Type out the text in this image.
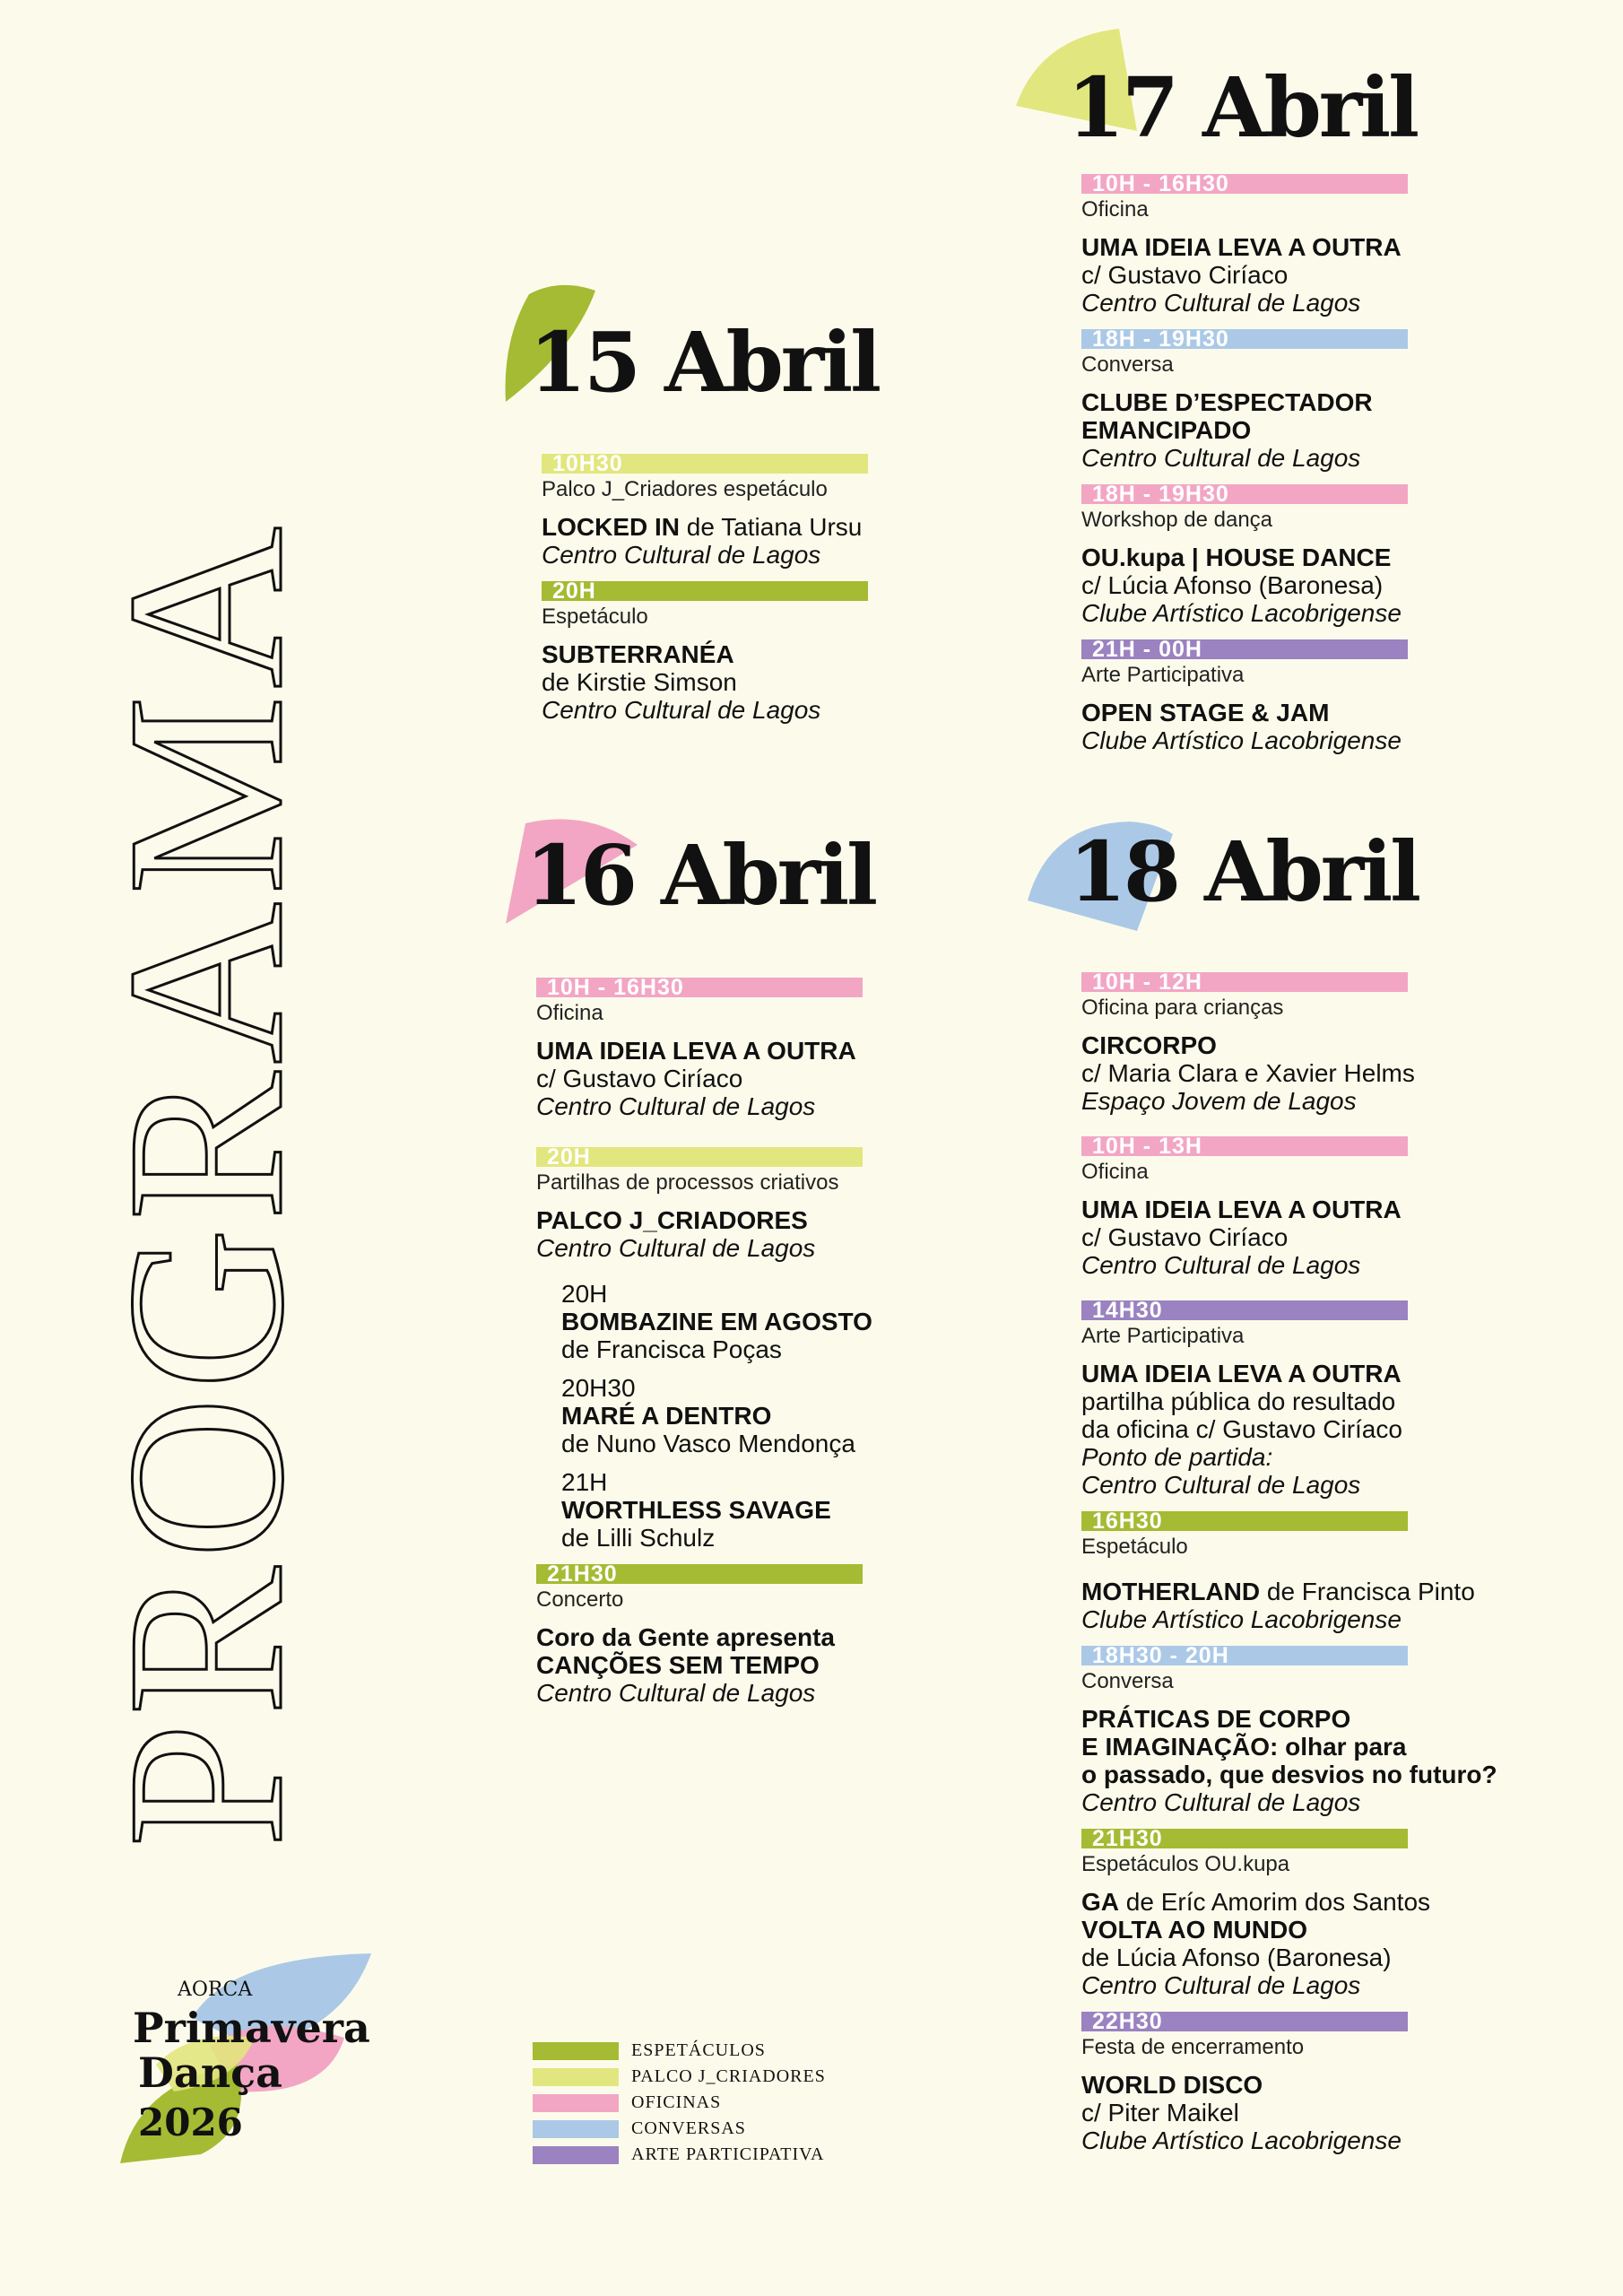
PROGRAMA
15 Abril
10H30
Palco J_Criadores espetáculo
LOCKED IN de Tatiana Ursu
Centro Cultural de Lagos
20H
Espetáculo
SUBTERRANÉA
de Kirstie Simson
Centro Cultural de Lagos
16 Abril
10H - 16H30
Oficina
UMA IDEIA LEVA A OUTRA
c/ Gustavo Ciríaco
Centro Cultural de Lagos
20H
Partilhas de processos criativos
PALCO J_CRIADORES
Centro Cultural de Lagos
20H
BOMBAZINE EM AGOSTO
de Francisca Poças
20H30
MARÉ A DENTRO
de Nuno Vasco Mendonça
21H
WORTHLESS SAVAGE
de Lilli Schulz
21H30
Concerto
Coro da Gente apresenta
CANÇÕES SEM TEMPO
Centro Cultural de Lagos
17 Abril
10H - 16H30
Oficina
UMA IDEIA LEVA A OUTRA
c/ Gustavo Ciríaco
Centro Cultural de Lagos
18H - 19H30
Conversa
CLUBE D’ESPECTADOR
EMANCIPADO
Centro Cultural de Lagos
18H - 19H30
Workshop de dança
OU.kupa | HOUSE DANCE
c/ Lúcia Afonso (Baronesa)
Clube Artístico Lacobrigense
21H - 00H
Arte Participativa
OPEN STAGE & JAM
Clube Artístico Lacobrigense
18 Abril
10H - 12H
Oficina para crianças
CIRCORPO
c/ Maria Clara e Xavier Helms
Espaço Jovem de Lagos
10H - 13H
Oficina
UMA IDEIA LEVA A OUTRA
c/ Gustavo Ciríaco
Centro Cultural de Lagos
14H30
Arte Participativa
UMA IDEIA LEVA A OUTRA
partilha pública do resultado
da oficina c/ Gustavo Ciríaco
Ponto de partida:
Centro Cultural de Lagos
16H30
Espetáculo
MOTHERLAND de Francisca Pinto
Clube Artístico Lacobrigense
18H30 - 20H
Conversa
PRÁTICAS DE CORPO
E IMAGINAÇÃO: olhar para
o passado, que desvios no futuro?
Centro Cultural de Lagos
21H30
Espetáculos OU.kupa
GA de Eríc Amorim dos Santos
VOLTA AO MUNDO
de Lúcia Afonso (Baronesa)
Centro Cultural de Lagos
22H30
Festa de encerramento
WORLD DISCO
c/ Piter Maikel
Clube Artístico Lacobrigense
ESPETÁCULOS
PALCO J_CRIADORES
OFICINAS
CONVERSAS
ARTE PARTICIPATIVA
AORCA
Primavera
Dança
2026
